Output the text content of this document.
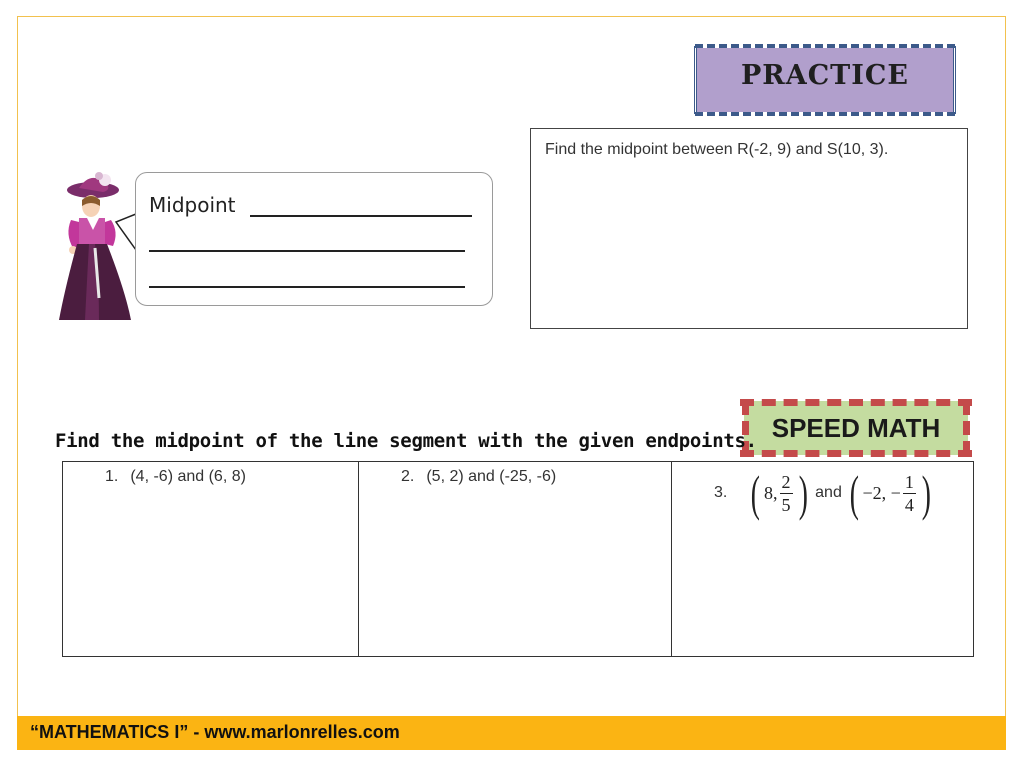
PRACTICE
Find the midpoint between R(-2, 9) and S(10, 3).
Midpoint
SPEED MATH
Find the midpoint of the line segment with the given endpoints.
1. (4, -6) and (6, 8)	2. (5, 2) and (-25, -6)
3. ( 8, $\frac{2}{5}$ ) and ( −2, − $\frac{1}{4}$ )
“MATHEMATICS I” - www.marlonrelles.com
